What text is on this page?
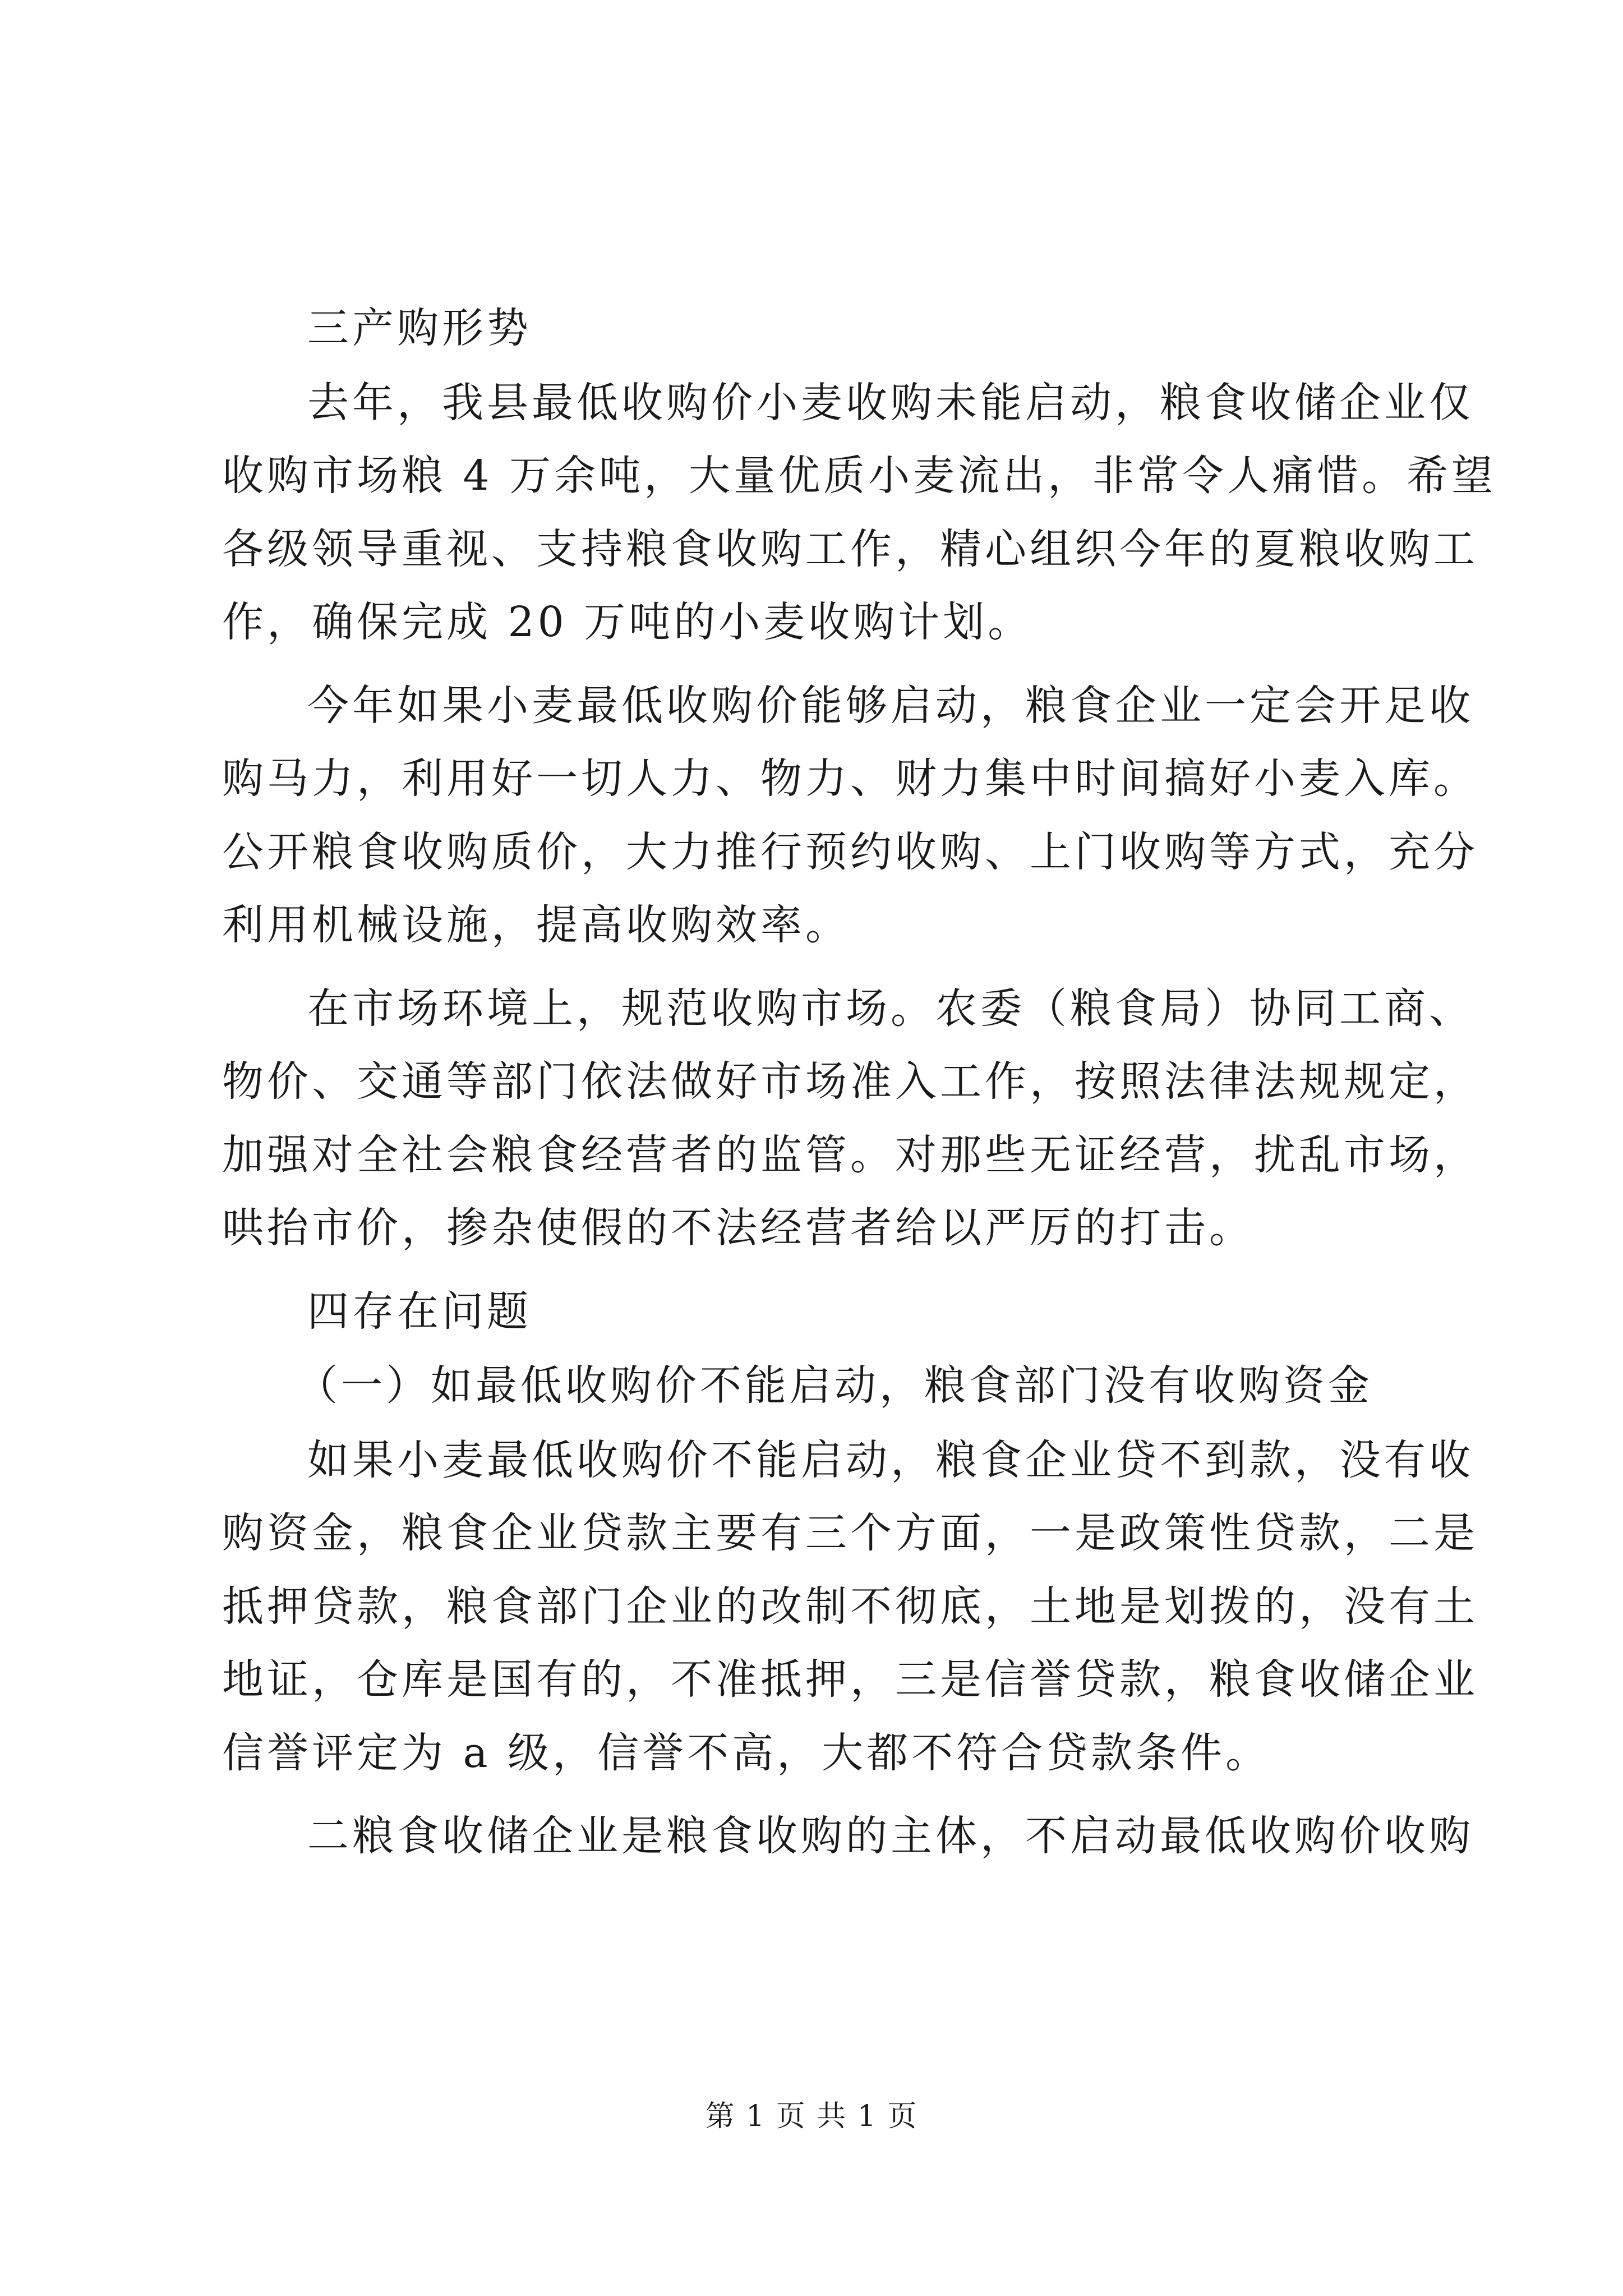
三产购形势

去年，我县最低收购价小麦收购未能启动，粮食收储企业仅
收购市场粮 4 万余吨，大量优质小麦流出，非常令人痛惜。希望
各级领导重视、支持粮食收购工作，精心组织今年的夏粮收购工
作，确保完成 20 万吨的小麦收购计划。

今年如果小麦最低收购价能够启动，粮食企业一定会开足收
购马力，利用好一切人力、物力、财力集中时间搞好小麦入库。
公开粮食收购质价，大力推行预约收购、上门收购等方式，充分
利用机械设施，提高收购效率。

在市场环境上，规范收购市场。农委（粮食局）协同工商、
物价、交通等部门依法做好市场准入工作，按照法律法规规定，
加强对全社会粮食经营者的监管。对那些无证经营，扰乱市场，
哄抬市价，掺杂使假的不法经营者给以严厉的打击。

四存在问题

（一）如最低收购价不能启动，粮食部门没有收购资金

如果小麦最低收购价不能启动，粮食企业贷不到款，没有收
购资金，粮食企业贷款主要有三个方面，一是政策性贷款，二是
抵押贷款，粮食部门企业的改制不彻底，土地是划拨的，没有土
地证，仓库是国有的，不准抵押，三是信誉贷款，粮食收储企业
信誉评定为 a 级，信誉不高，大都不符合贷款条件。

二粮食收储企业是粮食收购的主体，不启动最低收购价收购

第 1 页 共 1 页
